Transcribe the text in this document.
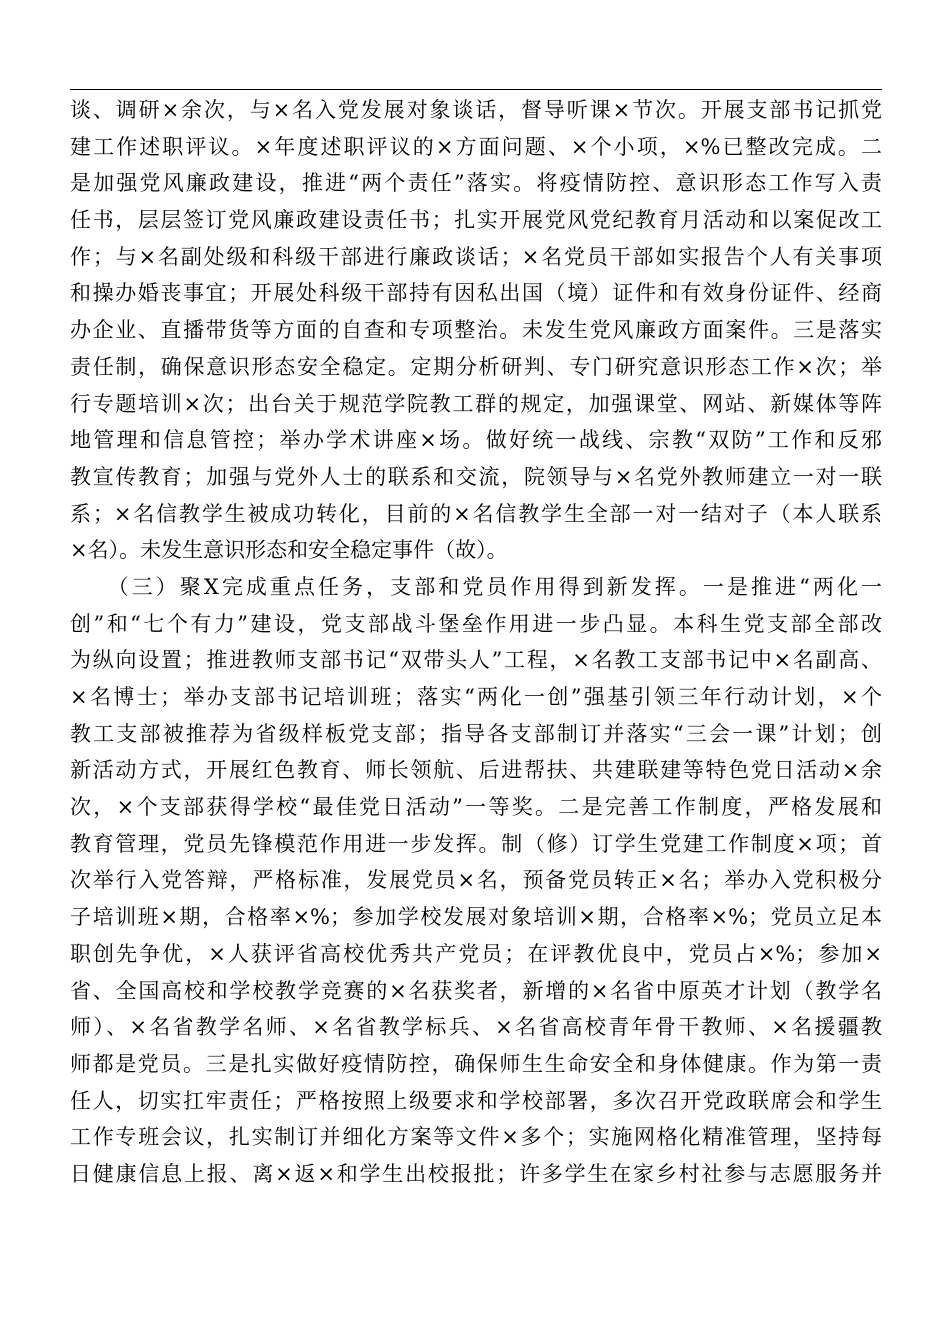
谈、调研×余次，与×名入党发展对象谈话，督导听课×节次。开展支部书记抓党
建工作述职评议。×年度述职评议的×方面问题、×个小项，×%已整改完成。二
是加强党风廉政建设，推进“两个责任”落实。将疫情防控、意识形态工作写入责
任书，层层签订党风廉政建设责任书；扎实开展党风党纪教育月活动和以案促改工
作；与×名副处级和科级干部进行廉政谈话；×名党员干部如实报告个人有关事项
和操办婚丧事宜；开展处科级干部持有因私出国（境）证件和有效身份证件、经商
办企业、直播带货等方面的自查和专项整治。未发生党风廉政方面案件。三是落实
责任制，确保意识形态安全稳定。定期分析研判、专门研究意识形态工作×次；举
行专题培训×次；出台关于规范学院教工群的规定，加强课堂、网站、新媒体等阵
地管理和信息管控；举办学术讲座×场。做好统一战线、宗教“双防”工作和反邪
教宣传教育；加强与党外人士的联系和交流，院领导与×名党外教师建立一对一联
系；×名信教学生被成功转化，目前的×名信教学生全部一对一结对子（本人联系
×名）。未发生意识形态和安全稳定事件（故）。
　　（三）聚X完成重点任务，支部和党员作用得到新发挥。一是推进“两化一
创”和“七个有力”建设，党支部战斗堡垒作用进一步凸显。本科生党支部全部改
为纵向设置；推进教师支部书记“双带头人”工程，×名教工支部书记中×名副高、
×名博士；举办支部书记培训班；落实“两化一创”强基引领三年行动计划，×个
教工支部被推荐为省级样板党支部；指导各支部制订并落实“三会一课”计划；创
新活动方式，开展红色教育、师长领航、后进帮扶、共建联建等特色党日活动×余
次，×个支部获得学校“最佳党日活动”一等奖。二是完善工作制度，严格发展和
教育管理，党员先锋模范作用进一步发挥。制（修）订学生党建工作制度×项；首
次举行入党答辩，严格标准，发展党员×名，预备党员转正×名；举办入党积极分
子培训班×期，合格率×%；参加学校发展对象培训×期，合格率×%；党员立足本
职创先争优，×人获评省高校优秀共产党员；在评教优良中，党员占×%；参加×
省、全国高校和学校教学竞赛的×名获奖者，新增的×名省中原英才计划（教学名
师）、×名省教学名师、×名省教学标兵、×名省高校青年骨干教师、×名援疆教
师都是党员。三是扎实做好疫情防控，确保师生生命安全和身体健康。作为第一责
任人，切实扛牢责任；严格按照上级要求和学校部署，多次召开党政联席会和学生
工作专班会议，扎实制订并细化方案等文件×多个；实施网格化精准管理，坚持每
日健康信息上报、离×返×和学生出校报批；许多学生在家乡村社参与志愿服务并
